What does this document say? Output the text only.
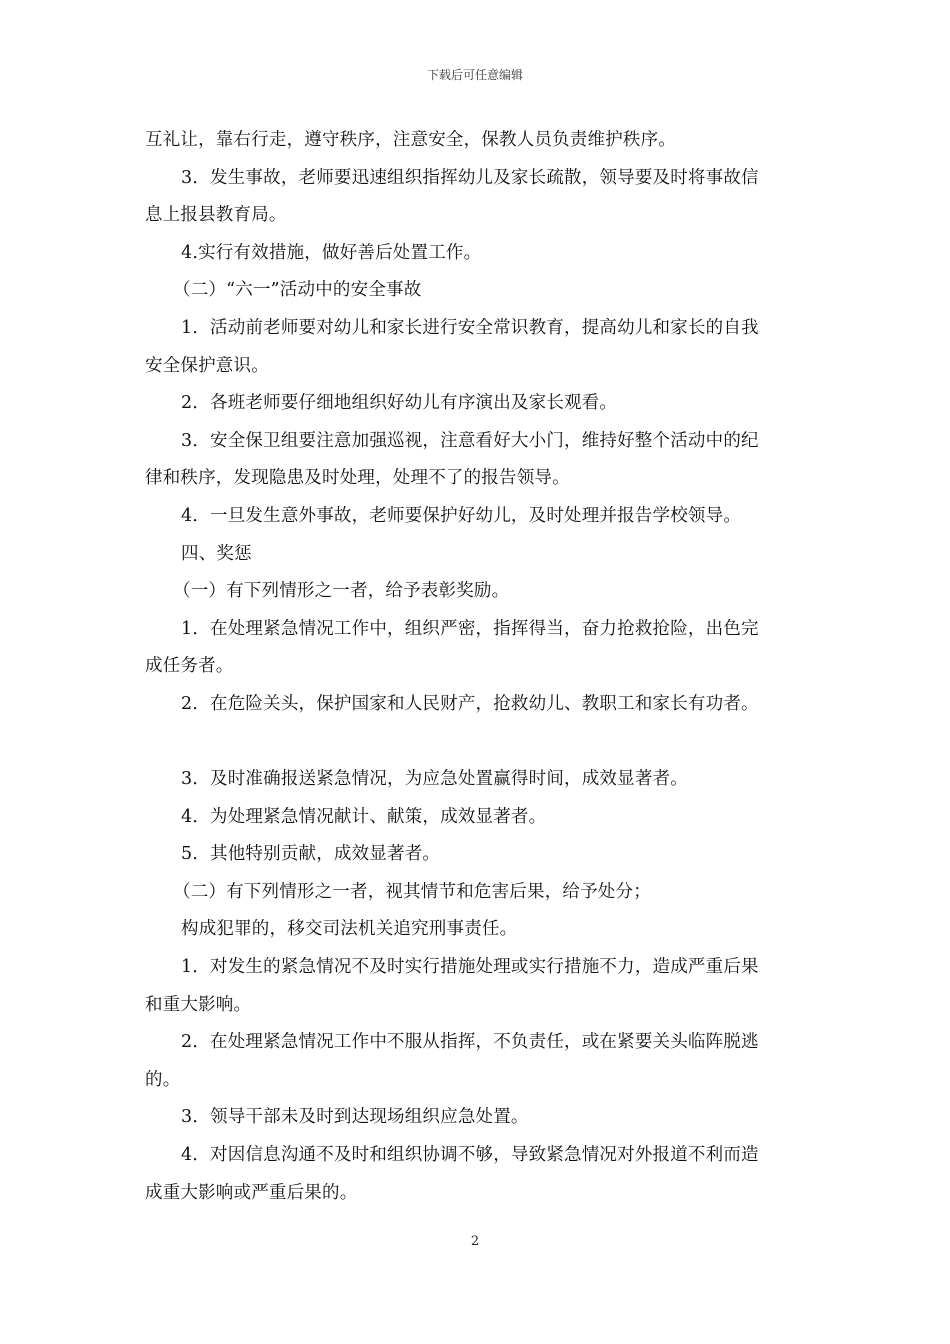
下载后可任意编辑
互礼让，靠右行走，遵守秩序，注意安全，保教人员负责维护秩序。
3．发生事故，老师要迅速组织指挥幼儿及家长疏散，领导要及时将事故信
息上报县教育局。
4.实行有效措施，做好善后处置工作。
（二）“六一”活动中的安全事故
1．活动前老师要对幼儿和家长进行安全常识教育，提高幼儿和家长的自我
安全保护意识。
2．各班老师要仔细地组织好幼儿有序演出及家长观看。
3．安全保卫组要注意加强巡视，注意看好大小门，维持好整个活动中的纪
律和秩序，发现隐患及时处理，处理不了的报告领导。
4．一旦发生意外事故，老师要保护好幼儿，及时处理并报告学校领导。
四、奖惩
（一）有下列情形之一者，给予表彰奖励。
1．在处理紧急情况工作中，组织严密，指挥得当，奋力抢救抢险，出色完
成任务者。
2．在危险关头，保护国家和人民财产，抢救幼儿、教职工和家长有功者。
3．及时准确报送紧急情况，为应急处置赢得时间，成效显著者。
4．为处理紧急情况献计、献策，成效显著者。
5．其他特别贡献，成效显著者。
（二）有下列情形之一者，视其情节和危害后果，给予处分；
构成犯罪的，移交司法机关追究刑事责任。
1．对发生的紧急情况不及时实行措施处理或实行措施不力，造成严重后果
和重大影响。
2．在处理紧急情况工作中不服从指挥，不负责任，或在紧要关头临阵脱逃
的。
3．领导干部未及时到达现场组织应急处置。
4．对因信息沟通不及时和组织协调不够，导致紧急情况对外报道不利而造
成重大影响或严重后果的。
2
